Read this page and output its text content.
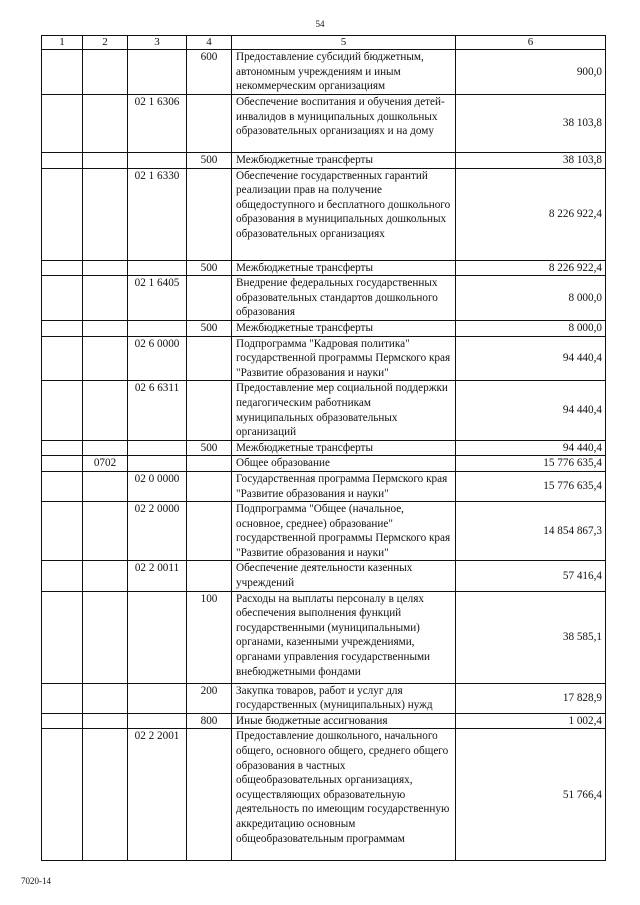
54
1	2	3	4	5	6
			600	Предоставление субсидий бюджетным, автономным учреждениям и иным некоммерческим организациям	900,0
		02 1 6306		Обеспечение воспитания и обучения детей-инвалидов в муниципальных дошкольных образовательных организациях и на дому	38 103,8
			500	Межбюджетные трансферты	38 103,8
		02 1 6330		Обеспечение государственных гарантий реализации прав на получение общедоступного и бесплатного дошкольного образования в муниципальных дошкольных образовательных организациях	8 226 922,4
			500	Межбюджетные трансферты	8 226 922,4
		02 1 6405		Внедрение федеральных государственных образовательных стандартов дошкольного образования	8 000,0
			500	Межбюджетные трансферты	8 000,0
		02 6 0000		Подпрограмма "Кадровая политика" государственной программы Пермского края "Развитие образования и науки"	94 440,4
		02 6 6311		Предоставление мер социальной поддержки педагогическим работникам муниципальных образовательных организаций	94 440,4
			500	Межбюджетные трансферты	94 440,4
	0702			Общее образование	15 776 635,4
		02 0 0000		Государственная программа Пермского края "Развитие образования и науки"	15 776 635,4
		02 2 0000		Подпрограмма "Общее (начальное, основное, среднее) образование" государственной программы Пермского края "Развитие образования и науки"	14 854 867,3
		02 2 0011		Обеспечение деятельности казенных учреждений	57 416,4
			100	Расходы на выплаты персоналу в целях обеспечения выполнения функций государственными (муниципальными) органами, казенными учреждениями, органами управления государственными внебюджетными фондами	38 585,1
			200	Закупка товаров, работ и услуг для государственных (муниципальных) нужд	17 828,9
			800	Иные бюджетные ассигнования	1 002,4
		02 2 2001		Предоставление дошкольного, начального общего, основного общего, среднего общего образования в частных общеобразовательных организациях, осуществляющих образовательную деятельность по имеющим государственную аккредитацию основным общеобразовательным программам	51 766,4
7020-14
